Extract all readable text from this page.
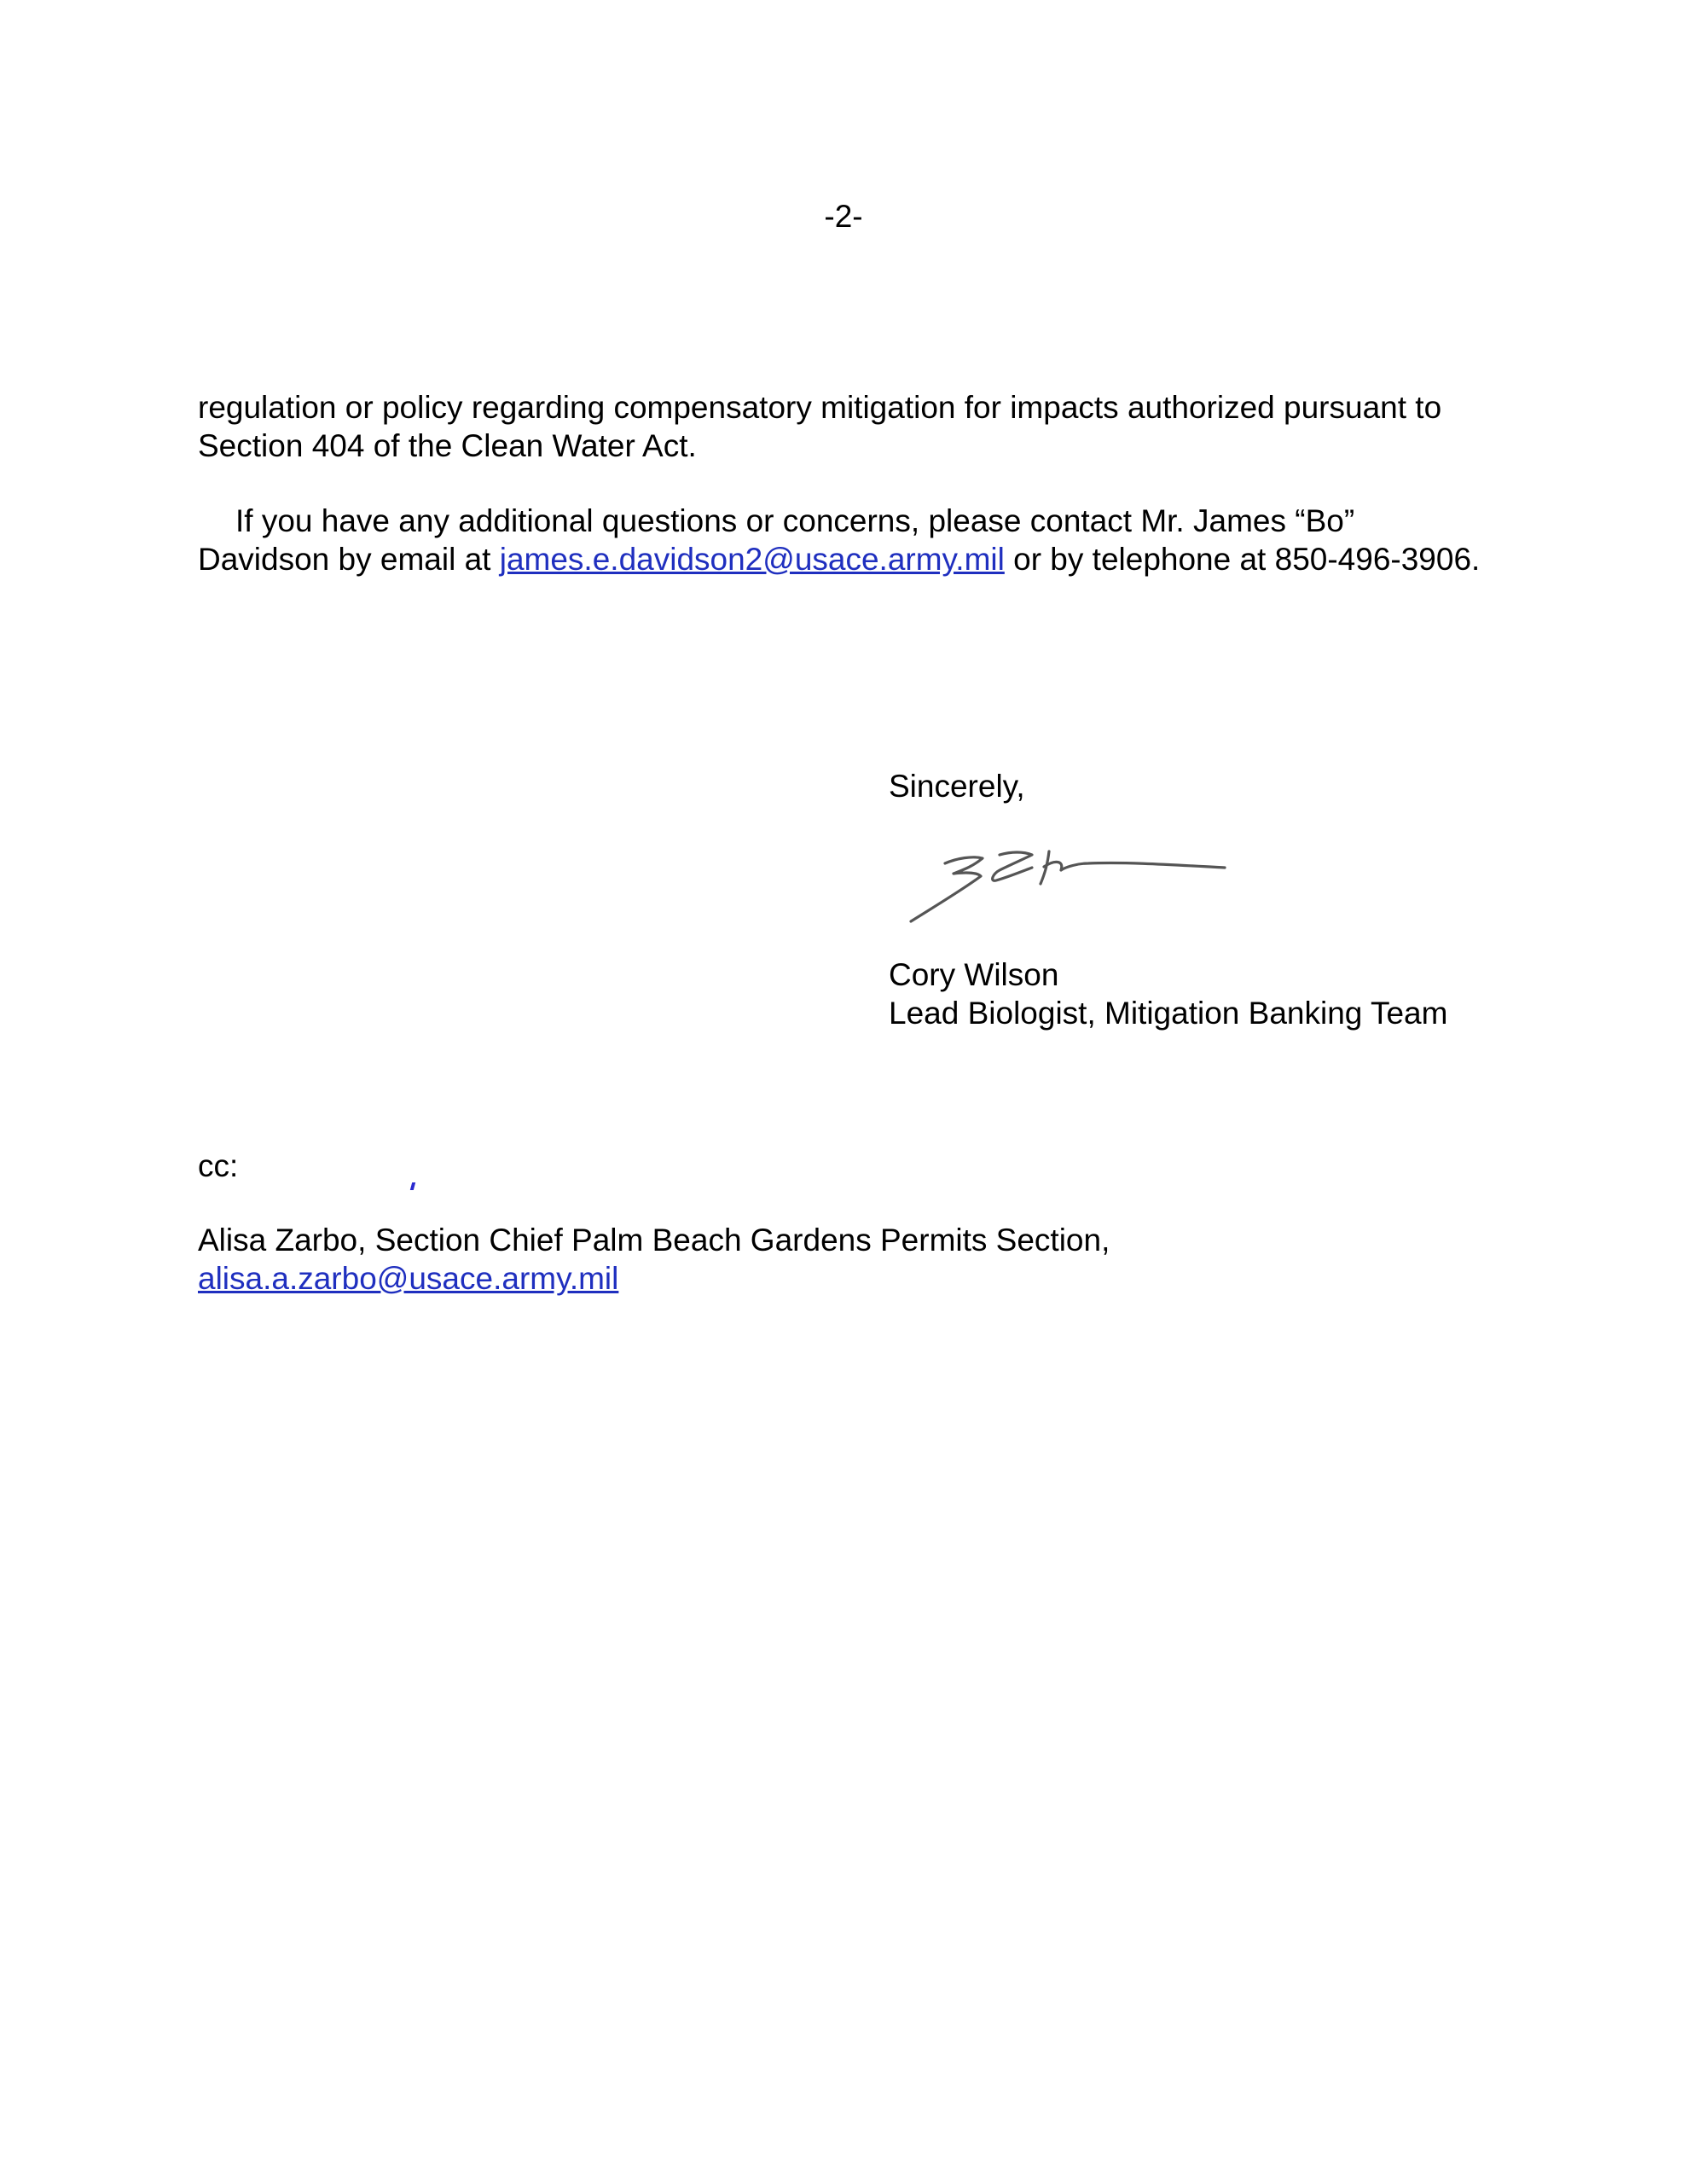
-2-
regulation or policy regarding compensatory mitigation for impacts authorized pursuant to Section 404 of the Clean Water Act.
If you have any additional questions or concerns, please contact Mr. James “Bo” Davidson by email at james.e.davidson2@usace.army.mil or by telephone at 850-496-3906.
Sincerely,
Cory Wilson
Lead Biologist, Mitigation Banking Team
cc:
Alisa Zarbo, Section Chief Palm Beach Gardens Permits Section,
alisa.a.zarbo@usace.army.mil
